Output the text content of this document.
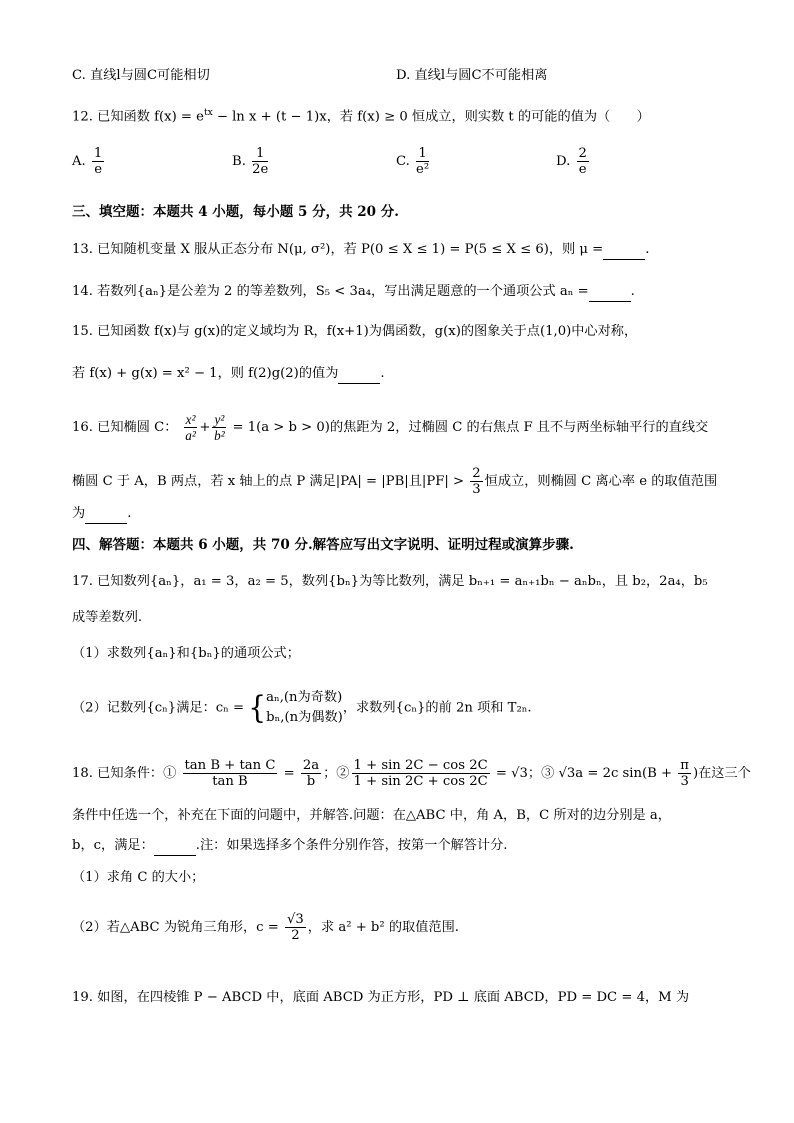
C. 直线l与圆C可能相切	D. 直线l与圆C不可能相离
12. 已知函数 $f(x) = e^{tx} - \ln x + (t - 1)x$，若 f(x) ≥ 0 恒成立，则实数 t 的可能的值为（　　）
A. $\frac{1}{e}$	B. $\frac{1}{2e}$	C. $\frac{1}{\text{e²}}$	D. $\frac{2}{e}$
三、填空题：本题共 4 小题，每小题 5 分，共 20 分.
13. 已知随机变量 X 服从正态分布 N(μ, σ²)，若 P(0 ≤ X ≤ 1) = P(5 ≤ X ≤ 6)，则 μ =	.
14. 若数列{aₙ}是公差为 2 的等差数列，S₅ < 3a₄，写出满足题意的一个通项公式 aₙ =	.
15. 已知函数 f(x)与 g(x)的定义域均为 R，f(x+1)为偶函数，g(x)的图象关于点(1,0)中心对称，
若 f(x) + g(x) = x² − 1，则 f(2)g(2)的值为	.
16. 已知椭圆 C： $\frac{\text{x²}}{\text{a²}} + \frac{\text{y²}}{\text{b²}} = 1(a > b > 0)$的焦距为 2，过椭圆 C 的右焦点 F 且不与两坐标轴平行的直线交
椭圆 C 于 A，B 两点，若 x 轴上的点 P 满足|PA| = |PB|且$|PF| > \frac{2}{3}$ 恒成立，则椭圆 C 离心率 e 的取值范围
为	.
四、解答题：本题共 6 小题，共 70 分.解答应写出文字说明、证明过程或演算步骤.
17. 已知数列{aₙ}，a₁ = 3，a₂ = 5，数列{bₙ}为等比数列，满足 bₙ₊₁ = aₙ₊₁bₙ − aₙbₙ，且 b₂，2a₄，b₅
成等差数列.
（1）求数列{aₙ}和{bₙ}的通项公式；
（2）记数列{cₙ}满足：cₙ = { aₙ,(n为奇数)
bₙ,(n为偶数)
，求数列{cₙ}的前 2n 项和 T₂ₙ.
18. 已知条件：① $\frac{\text{tan B + tan C}}{\text{tan B}} = \frac{2a}{b}$ ；② $\frac{1 + \sin 2C - \cos 2C}{1 + \sin 2C + \cos 2C} = √3$；③ √3a = 2c $\sin(B + \frac{\pi}{3}$ )在这三个
条件中任选一个，补充在下面的问题中，并解答.问题：在△ABC 中，角 A，B，C 所对的边分别是 a，
b，c，满足：	.注：如果选择多个条件分别作答，按第一个解答计分.
（1）求角 C 的大小；
（2）若△ABC 为锐角三角形，$c = \frac{√3}{2}$ ，求 a² + b² 的取值范围.
19. 如图，在四棱锥 P − ABCD 中，底面 ABCD 为正方形，PD ⊥ 底面 ABCD，PD = DC = 4，M 为
